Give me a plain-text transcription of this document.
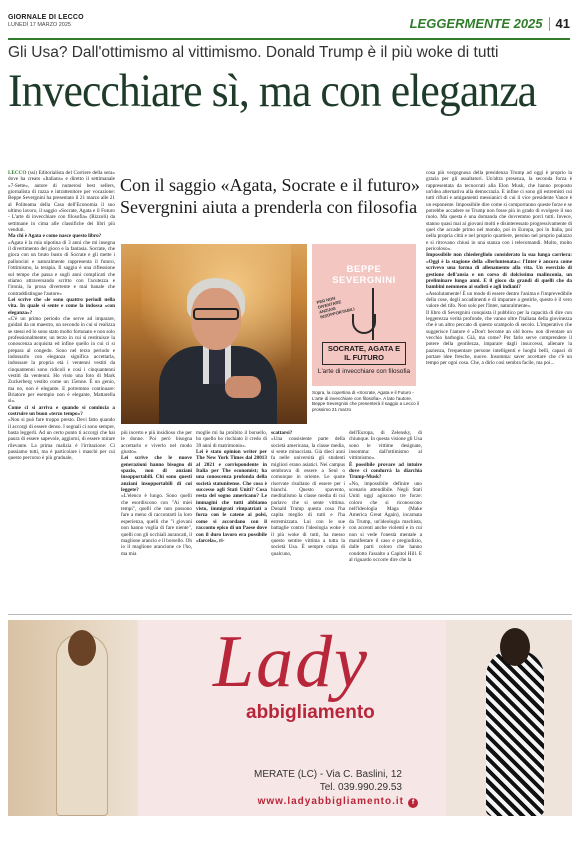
GIORNALE DI LECCO
LUNEDÌ 17 MARZO 2025	LEGGERMENTE 2025 41
Gli Usa? Dall'ottimismo al vittimismo. Donald Trump è il più woke di tutti
Invecchiare sì, ma con eleganza

LECCO (ssi) Editorialista del Corriere della sera» dove ha creato «Italians» e diretto il settimanale «7-Sette», autore di numerosi best sellers, giornalista di razza e intrattenitore per vocazione: Beppe Severgnini ha presentato il 21 marzo alle 21 al Politeama della Casa dell'Economia il suo ultimo lavoro, il saggio «Socrate, Agata e il Futuro - L'arte di invecchiare con filosofia» (Rizzoli) da settimane in cima alle classifiche dei libri più venduti.

Ma chi è Agata e come nasce questo libro?

«Agata è la mia nipotina di 3 anni che mi insegna il divertimento del gioco e la fantasia. Socrate, che gioca con un bruto busto di Socrate e gli mette i palloncini e naturalmente rappresenta il futuro, l'ottimismo, la terapia. Il saggio è una riflessione sul tempo che passa e sugli anni complicati che stiamo attraversando scritto con l'acutezza e l'ironia, la prosa divertente e mai banale che contraddistingue l'autore»

Lei scrive che «le sono quattro periodi nella vita. In quale si sente e come la indossa «con eleganza»?

«C'è un primo periodo che serve ad imparare, guidati da un maestro, un secondo in cui si realizza se stessi ed lo sono stato molto fortunato e non solo professionalmente; un terzo in cui si restituisce la conoscenza acquisita ed infine quello in cui ci si prepara al congedo. Sono nel terzo periodo e indossarlo con eleganza significa accettarla, indossare la propria età i ventenni vestiti da cinquantenni sono ridicoli e così i cinquantenni vestiti da ventenni. Ho visto una foto di Mark Zuckerberg vestito come un 15enne. È un genio, ma no, non è elegante. E potremmo continuare: Briatore per esempio non è elegante, Mattarella sì».

Come ci si arriva e quando si comincia a costruire un buon «terzo tempo»?

«Non si può fare troppo presto. Devi fatto quando il accorgi di essere denso. I segnali ci sono sempre, basta leggerli. Ad un certo punto ti accorgi che hai paura di essere sapevole, aggiorni, di essere mirare rilevante. La prima malizia è l'irritazione: Ci passiamo tutti, ma è particolare i maschi per cui questo percorso è più graduale,

Con il saggio «Agata, Socrate e il futuro»
Severgnini aiuta a prenderla con filosofia
BEPPE
SEVERGNINI
PER NON DIVENTARE ANZIANI INSOPPORTABILI
SOCRATE, AGATA E IL FUTURO
L'arte di invecchiare con filosofia
Sopra, la copertina di «Socrate, Agata e il Futuro - L'arte di invecchiare con filosofia». A lato l'autore, Beppe Severgnini che presenterà il saggio a Lecco il prossimo 21 marzo

cosa più vergognosa della presidenza Trump ad oggi è proprio la grazia per gli assaltatori. Un'altra presenza, la seconda forza è rappresentata da tecnocrati alla Elon Musk, che hanno proposto un'idea alternativa alla democrazia. E infine ci sono gli estremisti cui tutti rifiuti e amigamenti messianici di cui il vice presidente Vance è un esponente. Impossibile dire come si comporranno queste forze e se potrebbe accadere se Trump non fosse più in grado di svolgere il suo ruolo. Ma questa è una domanda che dovremmo porci tutti. Invece, stanno quasi mai ai giovani molti e disinteressato progressivamente di quel che accade primo nel mondo, poi in Europa, poi in Italia, poi nella propria città e nel proprio quartiere, persino nel proprio palazzo e si ritrovano chiusi in una stanza con i telecomandi. Molto, molto pericoloso».

Impossibile non chiedergliolo considerato la sua lunga carriera: «Oggi è la stagione della «Berluntenata»: l'Inter è ancora come scrivevo una forma di allenamento alla vita. Un esercizio di gestione dell'ansia e un corso di dolcissima malinconia, un preliminare lungo anni. E il gioco da grandi di quelli che da bambini nemmeno ai sudisti e agli indiani?

«Assolutamente! È un modo di essere dentro l'anima e l'imprevedibile della cose, degli accadimenti e di imparare a gestirle, questo è il vero valore del tifo. Non solo per l'Inter, naturalmente».

Il libro di Severgnini conquista il pubblico per la capacità di dire con leggerezza verità profonde, che vanno oltre l'italiana della giovinezza che è un altro peccato di questo scampolo di secolo. L'imperativo che suggerisce l'autore è «Don't become an old bore» non diventare un vecchio barbogio. Già, ma come? Per farlo serve comprendere il potere della gentilezza, imparare dagli insuccessi, allenare la pazienza, frequentare persone intelligenti e luoghi belli, capaci di portare idee fresche, nuove. Insomma: saver accettare che c'è un tempo per ogni cosa. Che, a dirlo così sembra facile, ma poi...

più incerto e più insidioso che per le donne. Poi però bisogna accettarlo e viverlo nel modo giusto».

Lei scrive che le nuove generazioni hanno bisogno di spazio, non di anziani insopportabili. Chi sono questi anziani insopportabili di cui leggete?

«L'elenco è lungo. Sono quelli che esordiscono con "Ai miei tempi", quelli che non possono fare a meno di raccontarti la loro esperienza, quelli che "i giovani non hanno voglia di fare niente", quelli con gli occhiali aurancati, il maglione arancio e il borsello. Oh io il maglione arancione ce l'ho, ma mia

moglie mi ha proibito il borsello, ho quello ho rischiato il credo di 39 anni di matrimonio».

Lei è stato opinion writer per The New York Times dal 20013 al 2021 e corrispondente in Italia per The economist; ha una conoscenza profonda della società statunitense. Che cosa è successo agli Stati Uniti? Cosa resta del sogno americano? Le immagini che tutti abbiamo visto, immigrati rimpatriati a forza con le catene ai polsi, come si accordano con il racconto epico di un Paese dove con il duro lavoro era possibile «farcela», ri-

scattarsi?

«Una consistente parte della società americana, la classe media, si sente minacciata. Già dieci anni fa nelle università gli studenti migliori erano asiatici. Nei campus sembrava di essere a Seul o comunque in oriente. Le quote riservate risultano di essere per i bianchi. Questo spavento, meditalismo la classe media di cui parlavo che si sente vittima. Donald Trump questa cosa l'ha capita meglio di tutti e l'ha estremizzata. Lui con le sue battaglie contro l'ideologia woke è il più woke di tutti, ha messo questo sentire vittima a tutta la società Usa. È sempre colpa di qualcuno,

dell'Europa, di Zelensky, di chiunque. In questa visione gli Usa sono le vittime designate, insomma: dall'ottimismo al vittimismo».

È possibile provare ad intuire dove ci condurrà la diarchia Trump-Musk?

«No, impossibile definire uno scenario attendibile. Negli Stati Uniti oggi agiscono tre forze: coloro che si riconoscono nell'ideologia Maga (Make America Great Again), incarnata da Trump, un'ideologia machista, con accenti anche violenti e in cui non si vede l'onestà mentale a manifestare il caso e pregiudizio, dalle parti coloro che hanno condotto l'assalto a Capitol Hill. E al riguardo occorre dire che la

Lady
abbigliamento
MERATE (LC) - Via C. Baslini, 12
Tel. 039.990.29.53
www.ladyabbigliamento.it	f
